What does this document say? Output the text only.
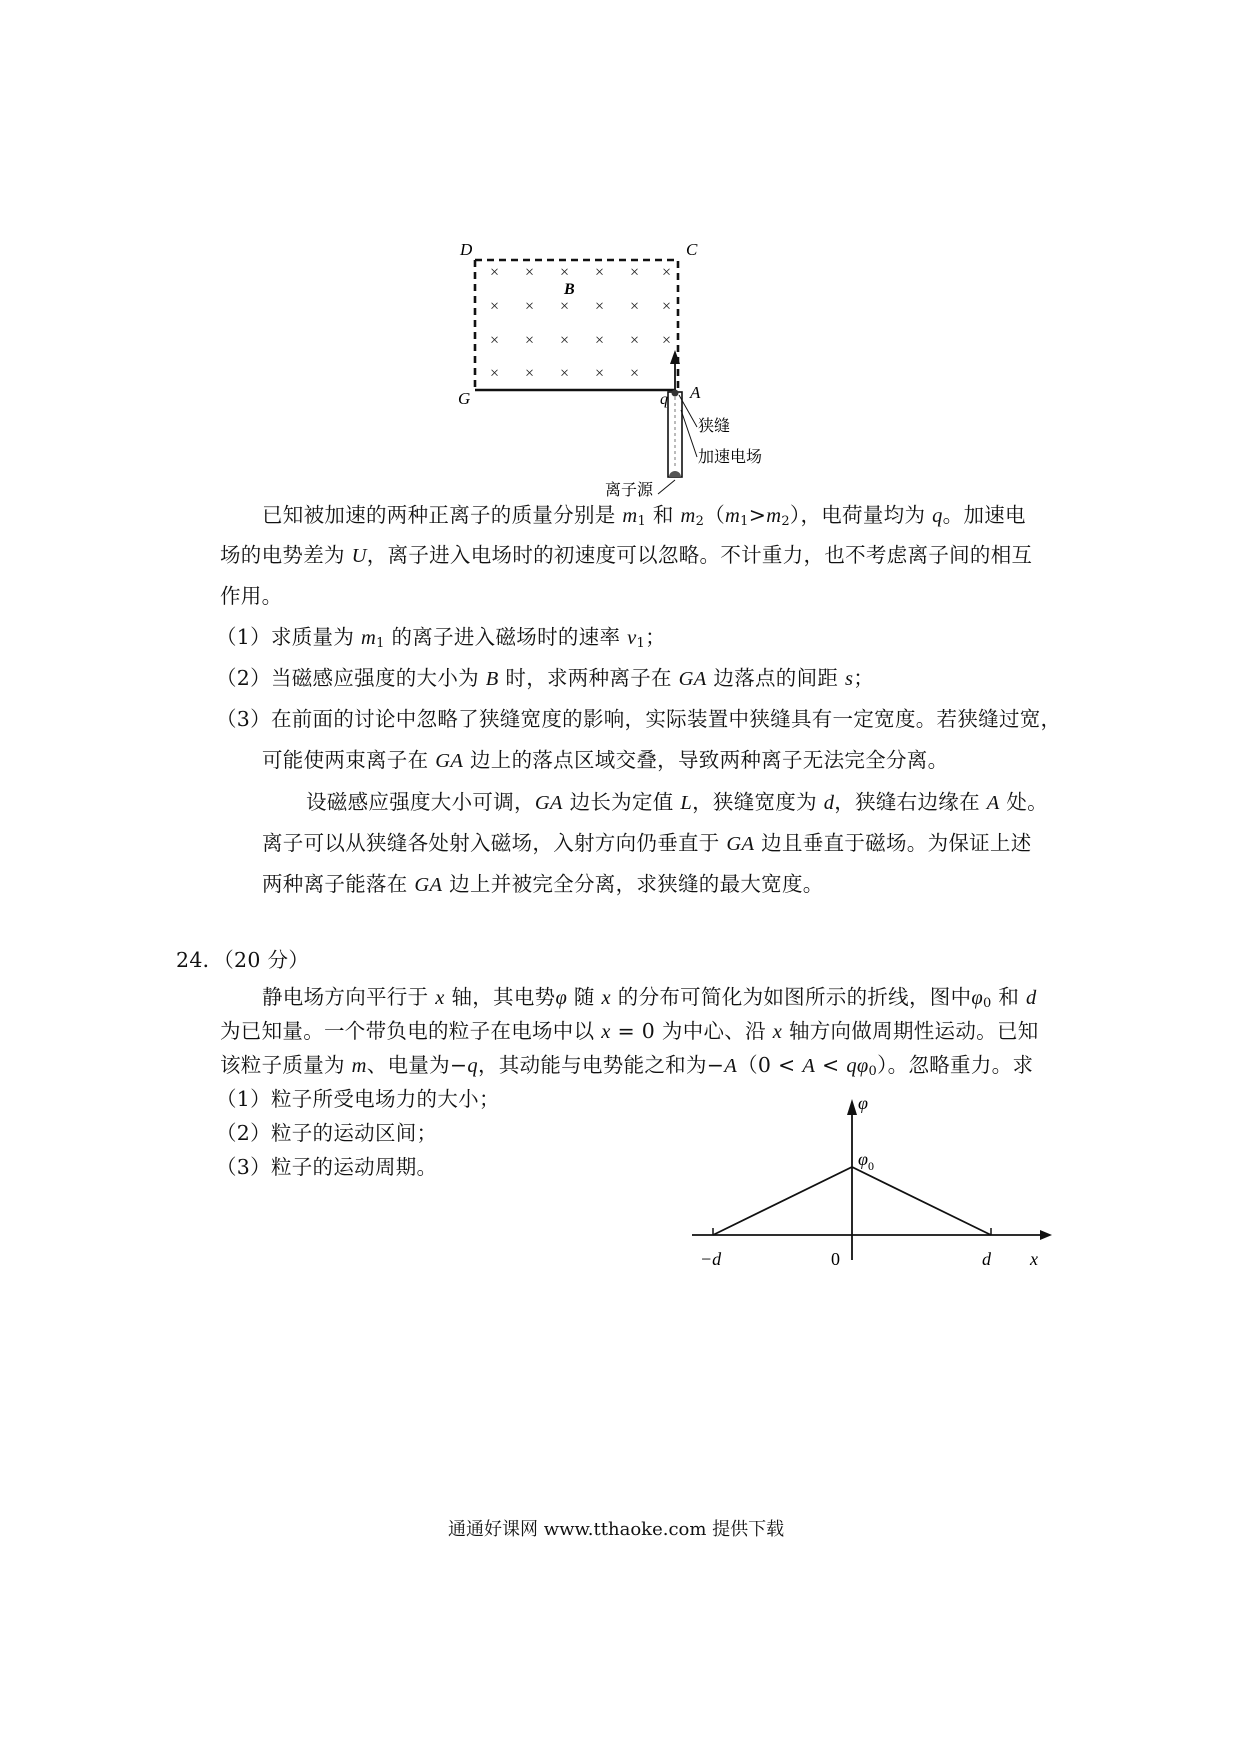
× × × × × ×
× × × × × ×
× × × × × ×
× × × × ×
D	C
G	A
B
q
狭缝
加速电场
离子源
已知被加速的两种正离子的质量分别是 $m_1$ 和 $m_2(m_1>m_2)$，电荷量均为 q。加速电
场的电势差为 U，离子进入电场时的初速度可以忽略。不计重力，也不考虑离子间的相互
作用。
（1）求质量为 $m_1$ 的离子进入磁场时的速率 $v_1$；
（2）当磁感应强度的大小为 B 时，求两种离子在 GA 边落点的间距 s；
（3）在前面的讨论中忽略了狭缝宽度的影响，实际装置中狭缝具有一定宽度。若狭缝过宽，
可能使两束离子在 GA 边上的落点区域交叠，导致两种离子无法完全分离。
设磁感应强度大小可调，GA 边长为定值 L，狭缝宽度为 d，狭缝右边缘在 A 处。
离子可以从狭缝各处射入磁场，入射方向仍垂直于 GA 边且垂直于磁场。为保证上述
两种离子能落在 GA 边上并被完全分离，求狭缝的最大宽度。
24．（20 分）
静电场方向平行于 x 轴，其电势φ 随 x 的分布可简化为如图所示的折线，图中$\varphi_0$ 和 d
为已知量。一个带负电的粒子在电场中以 x = 0 为中心、沿 x 轴方向做周期性运动。已知
该粒子质量为 m、电量为−q，其动能与电势能之和为$-A(0 < A < q\varphi_0)$。忽略重力。求
（1）粒子所受电场力的大小；
（2）粒子的运动区间；
（3）粒子的运动周期。
φ
$\varphi_0$
x
−d	0	d
通通好课网 www.tthaoke.com 提供下载
